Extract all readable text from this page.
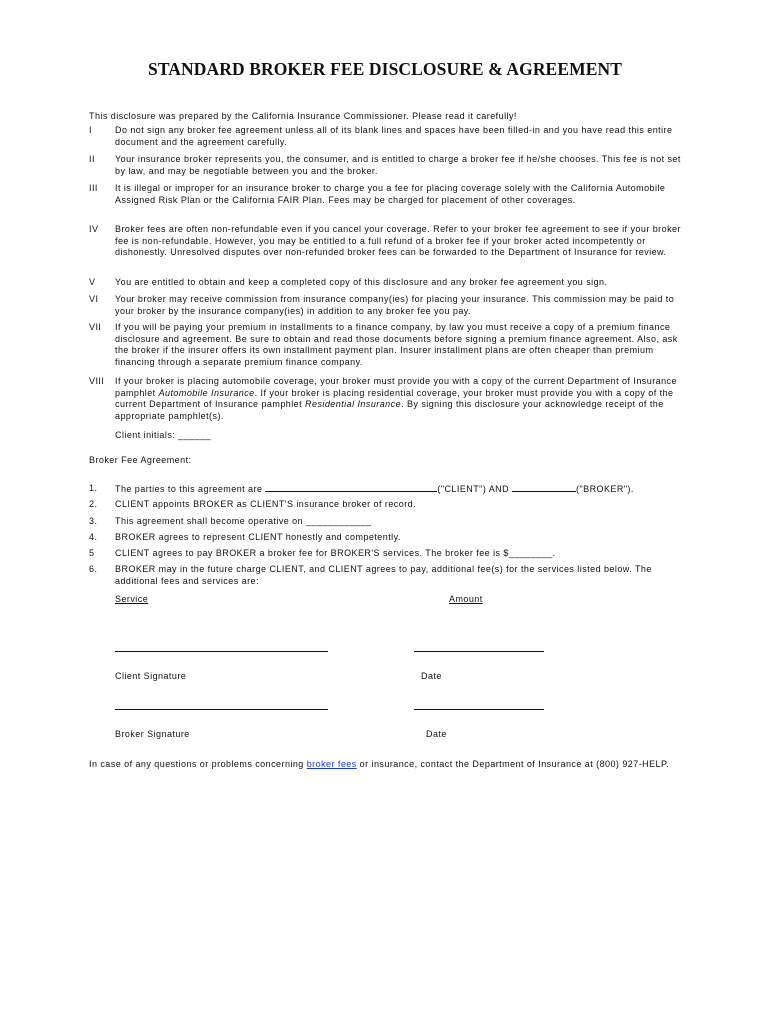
STANDARD BROKER FEE DISCLOSURE & AGREEMENT
This disclosure was prepared by the California Insurance Commissioner. Please read it carefully!
I	Do not sign any broker fee agreement unless all of its blank lines and spaces have been filled-in and you have read this entire document and the agreement carefully.
II	Your insurance broker represents you, the consumer, and is entitled to charge a broker fee if he/she chooses. This fee is not set by law, and may be negotiable between you and the broker.
III	It is illegal or improper for an insurance broker to charge you a fee for placing coverage solely with the California Automobile Assigned Risk Plan or the California FAIR Plan. Fees may be charged for placement of other coverages.
IV	Broker fees are often non-refundable even if you cancel your coverage. Refer to your broker fee agreement to see if your broker fee is non-refundable. However, you may be entitled to a full refund of a broker fee if your broker acted incompetently or dishonestly. Unresolved disputes over non-refunded broker fees can be forwarded to the Department of Insurance for review.
V	You are entitled to obtain and keep a completed copy of this disclosure and any broker fee agreement you sign.
VI	Your broker may receive commission from insurance company(ies) for placing your insurance. This commission may be paid to your broker by the insurance company(ies) in addition to any broker fee you pay.
VII	If you will be paying your premium in installments to a finance company, by law you must receive a copy of a premium finance disclosure and agreement. Be sure to obtain and read those documents before signing a premium finance agreement. Also, ask the broker if the insurer offers its own installment payment plan. Insurer installment plans are often cheaper than premium financing through a separate premium finance company.
VIII	If your broker is placing automobile coverage, your broker must provide you with a copy of the current Department of Insurance pamphlet Automobile Insurance. If your broker is placing residential coverage, your broker must provide you with a copy of the current Department of Insurance pamphlet Residential Insurance. By signing this disclosure your acknowledge receipt of the appropriate pamphlet(s).
Client initials: ______
Broker Fee Agreement:
1.	The parties to this agreement are	("CLIENT") AND	("BROKER").
2.	CLIENT appoints BROKER as CLIENT'S insurance broker of record.
3.	This agreement shall become operative on ____________
4.	BROKER agrees to represent CLIENT honestly and competently.
5	CLIENT agrees to pay BROKER a broker fee for BROKER'S services. The broker fee is $________.
6.	BROKER may in the future charge CLIENT, and CLIENT agrees to pay, additional fee(s) for the services listed below. The additional fees and services are:
Service	Amount
Client Signature	Date
Broker Signature	Date
In case of any questions or problems concerning broker fees or insurance, contact the Department of Insurance at (800) 927-HELP.
